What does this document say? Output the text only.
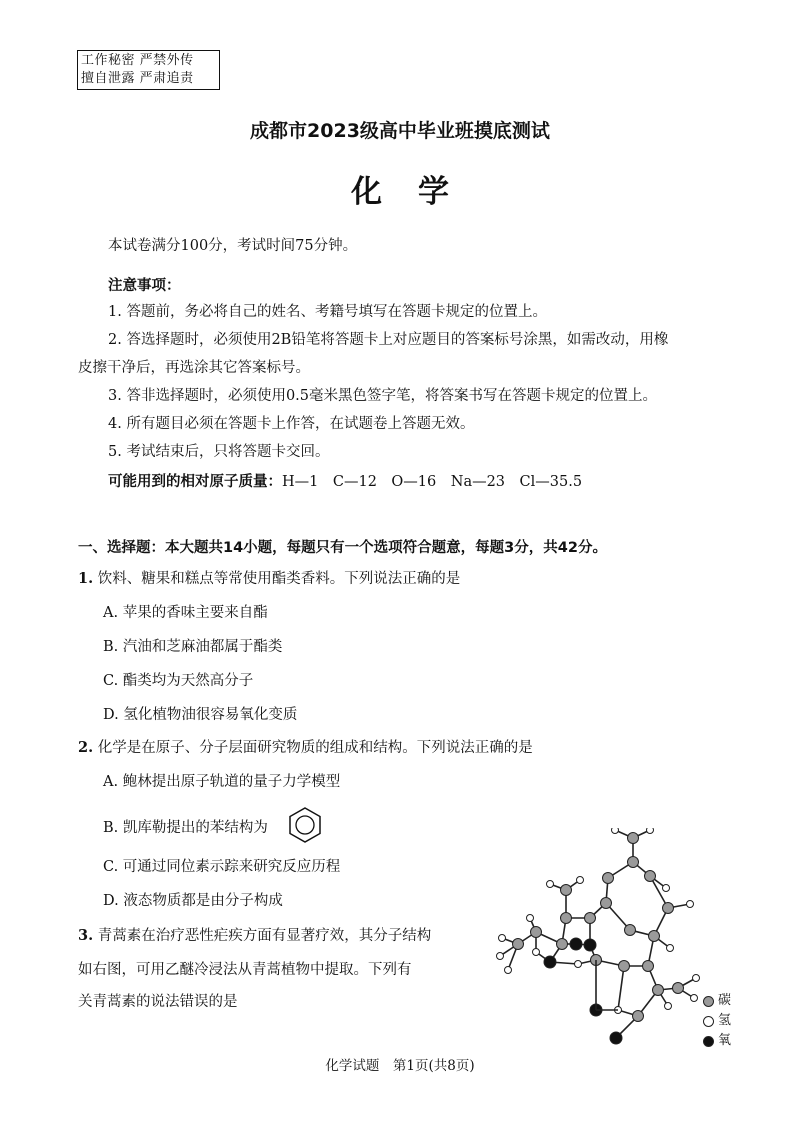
工作秘密 严禁外传
擅自泄露 严肃追责
成都市2023级高中毕业班摸底测试
化学
本试卷满分100分，考试时间75分钟。
注意事项：
1. 答题前，务必将自己的姓名、考籍号填写在答题卡规定的位置上。
2. 答选择题时，必须使用2B铅笔将答题卡上对应题目的答案标号涂黑，如需改动，用橡
皮擦干净后，再选涂其它答案标号。
3. 答非选择题时，必须使用0.5毫米黑色签字笔，将答案书写在答题卡规定的位置上。
4. 所有题目必须在答题卡上作答，在试题卷上答题无效。
5. 考试结束后，只将答题卡交回。
可能用到的相对原子质量：H—1　C—12　O—16　Na—23　Cl—35.5
一、选择题：本大题共14小题，每题只有一个选项符合题意，每题3分，共42分。
1. 饮料、糖果和糕点等常使用酯类香料。下列说法正确的是
A. 苹果的香味主要来自酯
B. 汽油和芝麻油都属于酯类
C. 酯类均为天然高分子
D. 氢化植物油很容易氧化变质
2. 化学是在原子、分子层面研究物质的组成和结构。下列说法正确的是
A. 鲍林提出原子轨道的量子力学模型
B. 凯库勒提出的苯结构为
C. 可通过同位素示踪来研究反应历程
D. 液态物质都是由分子构成
3. 青蒿素在治疗恶性疟疾方面有显著疗效，其分子结构
如右图，可用乙醚冷浸法从青蒿植物中提取。下列有
关青蒿素的说法错误的是	碳
氢
氧
化学试题　第1页(共8页)
